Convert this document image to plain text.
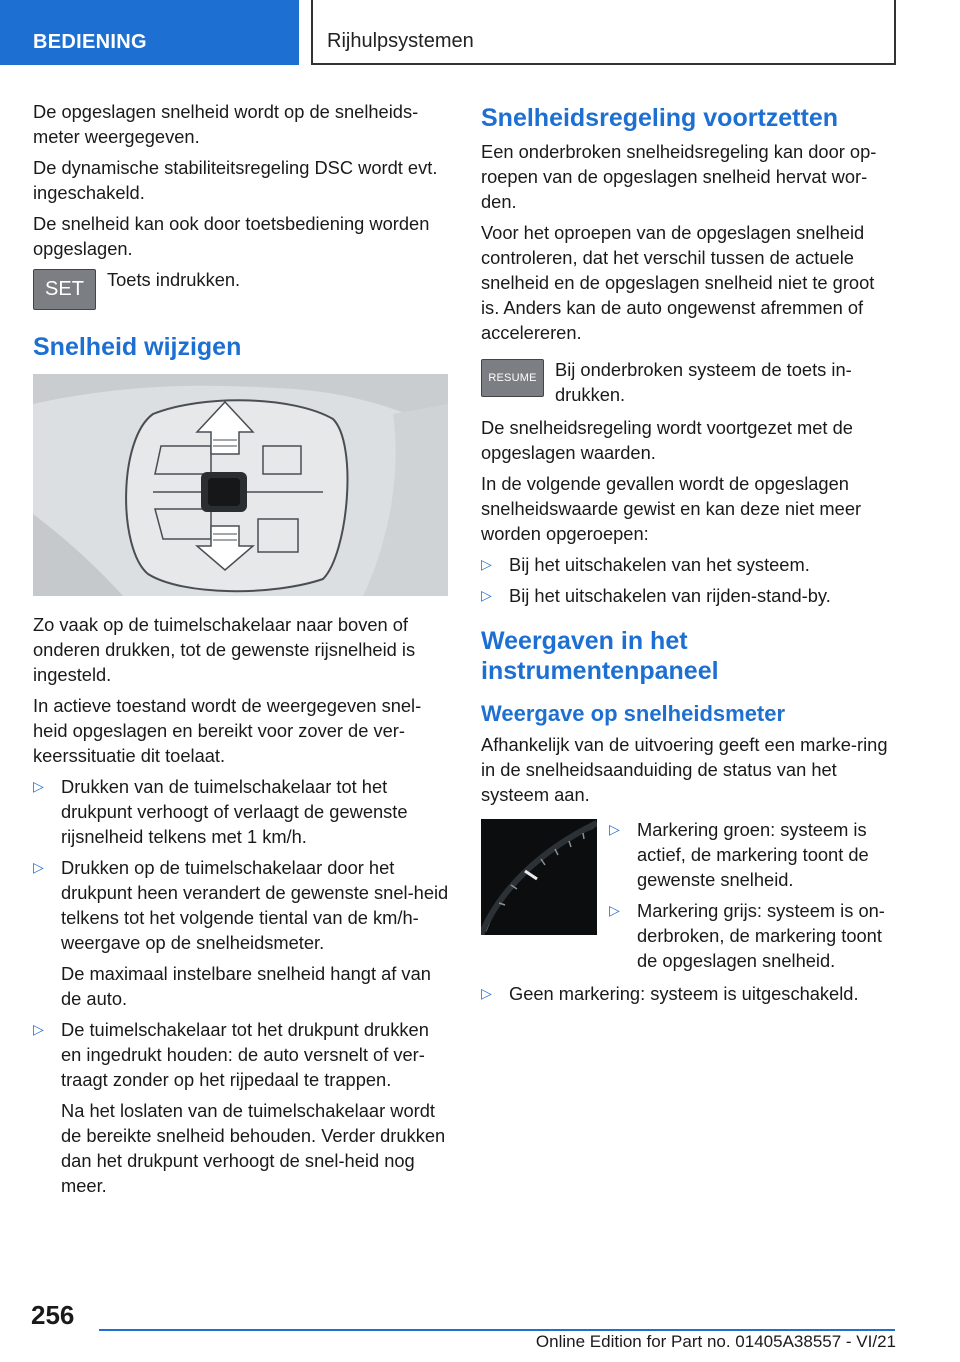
BEDIENING	Rijhulpsystemen

De opgeslagen snelheid wordt op de snelheids-meter weergegeven.

De dynamische stabiliteitsregeling DSC wordt evt. ingeschakeld.

De snelheid kan ook door toetsbediening worden opgeslagen.

SET	Toets indrukken.
Snelheid wijzigen

Zo vaak op de tuimelschakelaar naar boven of onderen drukken, tot de gewenste rijsnelheid is ingesteld.

In actieve toestand wordt de weergegeven snel-heid opgeslagen en bereikt voor zover de ver-keerssituatie dit toelaat.

▷ Drukken van de tuimelschakelaar tot het drukpunt verhoogt of verlaagt de gewenste rijsnelheid telkens met 1 km/h.
▷ Drukken op de tuimelschakelaar door het drukpunt heen verandert de gewenste snel-heid telkens tot het volgende tiental van de km/h-weergave op de snelheidsmeter.

De maximaal instelbare snelheid hangt af van de auto.

▷ De tuimelschakelaar tot het drukpunt drukken en ingedrukt houden: de auto versnelt of ver-traagt zonder op het rijpedaal te trappen.

Na het loslaten van de tuimelschakelaar wordt de bereikte snelheid behouden. Verder drukken dan het drukpunt verhoogt de snel-heid nog meer.

Snelheidsregeling voortzetten

Een onderbroken snelheidsregeling kan door op-roepen van de opgeslagen snelheid hervat wor-den.

Voor het oproepen van de opgeslagen snelheid controleren, dat het verschil tussen de actuele snelheid en de opgeslagen snelheid niet te groot is. Anders kan de auto ongewenst afremmen of accelereren.

RESUME	Bij onderbroken systeem de toets in-drukken.

De snelheidsregeling wordt voortgezet met de opgeslagen waarden.

In de volgende gevallen wordt de opgeslagen snelheidswaarde gewist en kan deze niet meer worden opgeroepen:

▷ Bij het uitschakelen van het systeem.
▷ Bij het uitschakelen van rijden-stand-by.
Weergaven in het instrumentenpaneel
Weergave op snelheidsmeter

Afhankelijk van de uitvoering geeft een marke-ring in de snelheidsaanduiding de status van het systeem aan.

▷ Markering groen: systeem is actief, de markering toont de gewenste snelheid.
▷ Markering grijs: systeem is on-derbroken, de markering toont de opgeslagen snelheid.
▷ Geen markering: systeem is uitgeschakeld.
256
Online Edition for Part no. 01405A38557 - VI/21
